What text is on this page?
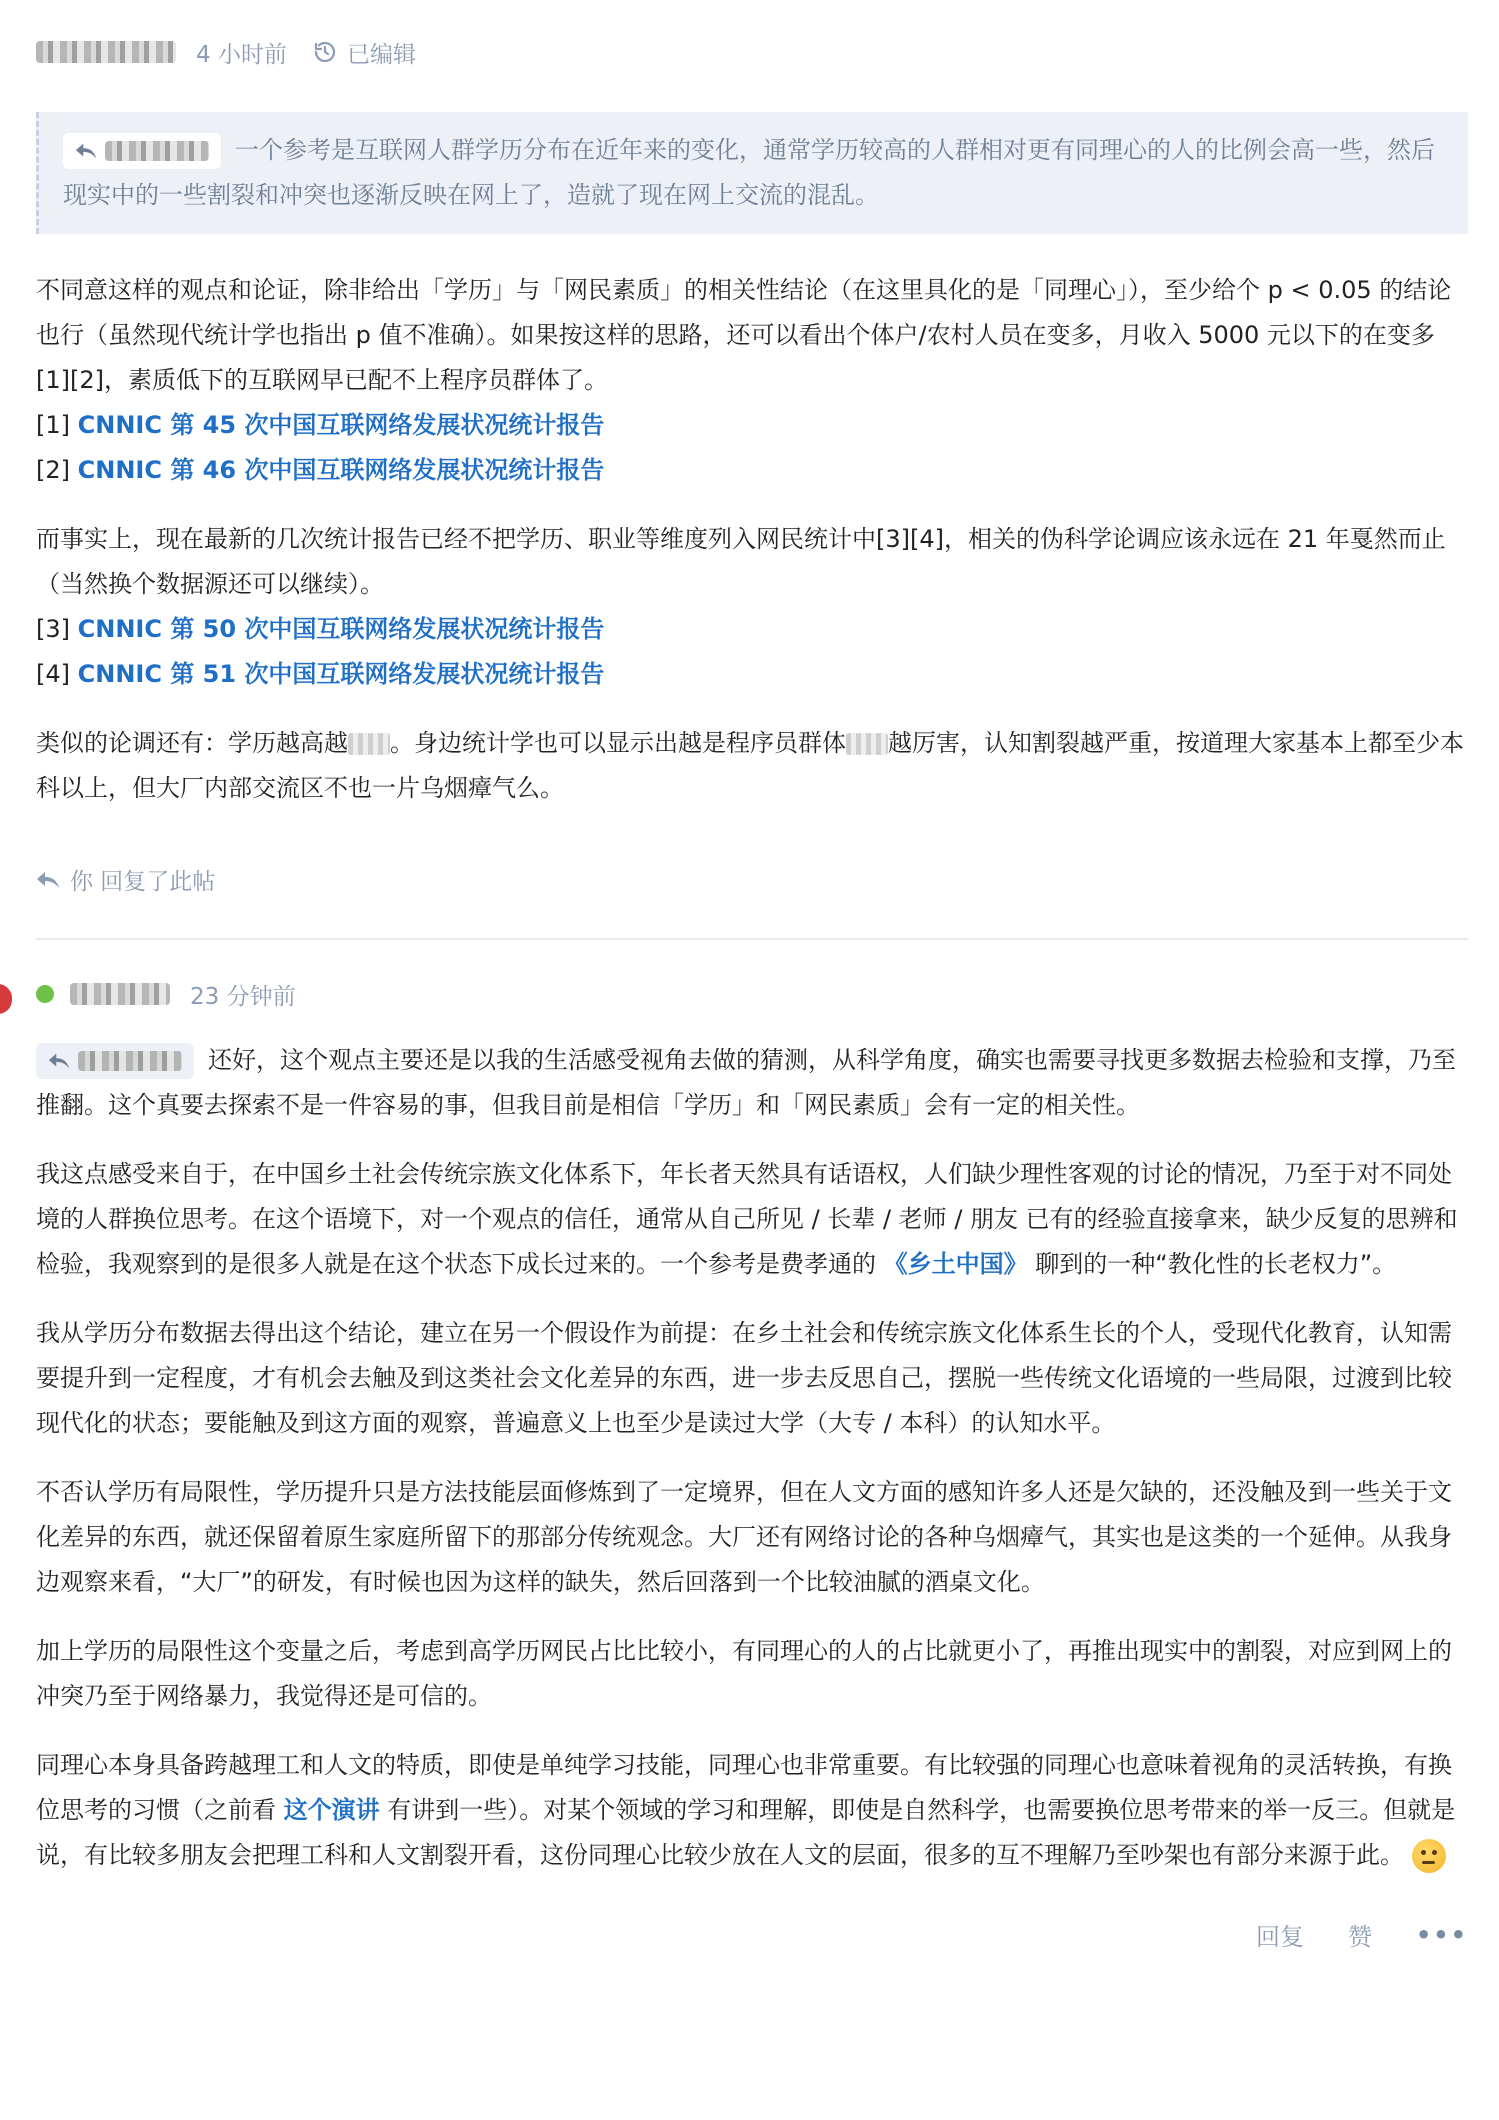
4 小时前	已编辑
一个参考是互联网人群学历分布在近年来的变化，通常学历较高的人群相对更有同理心的人的比例会高一些，然后现实中的一些割裂和冲突也逐渐反映在网上了，造就了现在网上交流的混乱。

不同意这样的观点和论证，除非给出「学历」与「网民素质」的相关性结论（在这里具化的是「同理心」），至少给个 p < 0.05 的结论也行（虽然现代统计学也指出 p 值不准确）。如果按这样的思路，还可以看出个体户/农村人员在变多，月收入 5000 元以下的在变多[1][2]，素质低下的互联网早已配不上程序员群体了。

[1] CNNIC 第 45 次中国互联网络发展状况统计报告

[2] CNNIC 第 46 次中国互联网络发展状况统计报告

而事实上，现在最新的几次统计报告已经不把学历、职业等维度列入网民统计中[3][4]，相关的伪科学论调应该永远在 21 年戛然而止（当然换个数据源还可以继续）。

[3] CNNIC 第 50 次中国互联网络发展状况统计报告

[4] CNNIC 第 51 次中国互联网络发展状况统计报告

类似的论调还有：学历越高越 。身边统计学也可以显示出越是程序员群体 越厉害，认知割裂越严重，按道理大家基本上都至少本科以上，但大厂内部交流区不也一片乌烟瘴气么。

你 回复了此帖
23 分钟前

还好，这个观点主要还是以我的生活感受视角去做的猜测，从科学角度，确实也需要寻找更多数据去检验和支撑，乃至推翻。这个真要去探索不是一件容易的事，但我目前是相信「学历」和「网民素质」会有一定的相关性。

我这点感受来自于，在中国乡土社会传统宗族文化体系下，年长者天然具有话语权，人们缺少理性客观的讨论的情况，乃至于对不同处境的人群换位思考。在这个语境下，对一个观点的信任，通常从自己所见 / 长辈 / 老师 / 朋友 已有的经验直接拿来，缺少反复的思辨和检验，我观察到的是很多人就是在这个状态下成长过来的。一个参考是费孝通的 《乡土中国》 聊到的一种“教化性的长老权力”。

我从学历分布数据去得出这个结论，建立在另一个假设作为前提：在乡土社会和传统宗族文化体系生长的个人，受现代化教育，认知需要提升到一定程度，才有机会去触及到这类社会文化差异的东西，进一步去反思自己，摆脱一些传统文化语境的一些局限，过渡到比较现代化的状态；要能触及到这方面的观察，普遍意义上也至少是读过大学（大专 / 本科）的认知水平。

不否认学历有局限性，学历提升只是方法技能层面修炼到了一定境界，但在人文方面的感知许多人还是欠缺的，还没触及到一些关于文化差异的东西，就还保留着原生家庭所留下的那部分传统观念。大厂还有网络讨论的各种乌烟瘴气，其实也是这类的一个延伸。从我身边观察来看，“大厂”的研发，有时候也因为这样的缺失，然后回落到一个比较油腻的酒桌文化。

加上学历的局限性这个变量之后，考虑到高学历网民占比比较小，有同理心的人的占比就更小了，再推出现实中的割裂，对应到网上的冲突乃至于网络暴力，我觉得还是可信的。

同理心本身具备跨越理工和人文的特质，即使是单纯学习技能，同理心也非常重要。有比较强的同理心也意味着视角的灵活转换，有换位思考的习惯（之前看 这个演讲 有讲到一些）。对某个领域的学习和理解，即使是自然科学，也需要换位思考带来的举一反三。但就是说，有比较多朋友会把理工科和人文割裂开看，这份同理心比较少放在人文的层面，很多的互不理解乃至吵架也有部分来源于此。

回复 赞 •••
